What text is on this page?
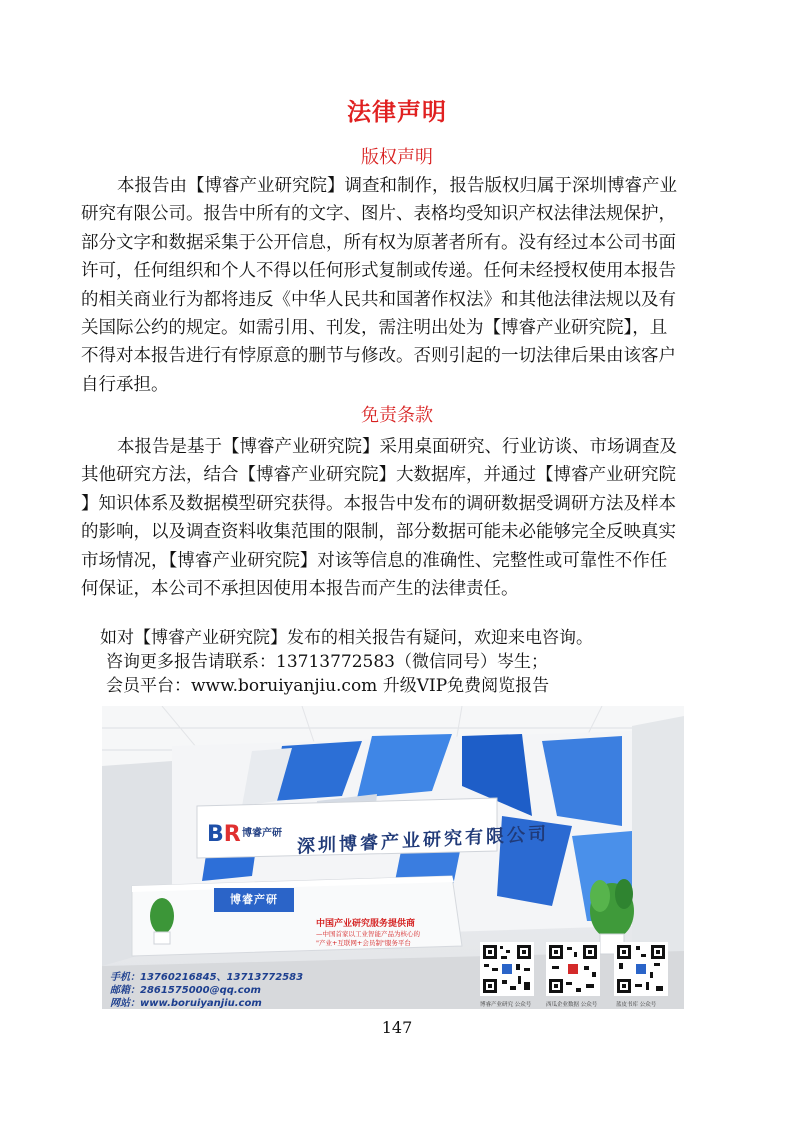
法律声明
版权声明
本报告由【博睿产业研究院】调查和制作，报告版权归属于深圳博睿产业
研究有限公司。报告中所有的文字、图片、表格均受知识产权法律法规保护，
部分文字和数据采集于公开信息，所有权为原著者所有。没有经过本公司书面
许可，任何组织和个人不得以任何形式复制或传递。任何未经授权使用本报告
的相关商业行为都将违反《中华人民共和国著作权法》和其他法律法规以及有
关国际公约的规定。如需引用、刊发，需注明出处为【博睿产业研究院】，且
不得对本报告进行有悖原意的删节与修改。否则引起的一切法律后果由该客户
自行承担。
免责条款
本报告是基于【博睿产业研究院】采用桌面研究、行业访谈、市场调查及
其他研究方法，结合【博睿产业研究院】大数据库，并通过【博睿产业研究院
】知识体系及数据模型研究获得。本报告中发布的调研数据受调研方法及样本
的影响，以及调查资料收集范围的限制，部分数据可能未必能够完全反映真实
市场情况，【博睿产业研究院】对该等信息的准确性、完整性或可靠性不作任
何保证，本公司不承担因使用本报告而产生的法律责任。
如对【博睿产业研究院】发布的相关报告有疑问，欢迎来电咨询。
咨询更多报告请联系：13713772583（微信同号）岑生；
会员平台：www.boruiyanjiu.com 升级VIP免费阅览报告
BR 博睿产研 深圳博睿产业研究有限公司
博睿产研
中国产业研究服务提供商
—中国首家以工业智能产品为核心的
"产业+互联网+会员制"服务平台
手机：13760216845、13713772583
邮箱：2861575000@qq.com
网站：www.boruiyanjiu.com	博睿产业研究 公众号	西瓜企业数据 公众号	蓝皮书库 公众号
147
